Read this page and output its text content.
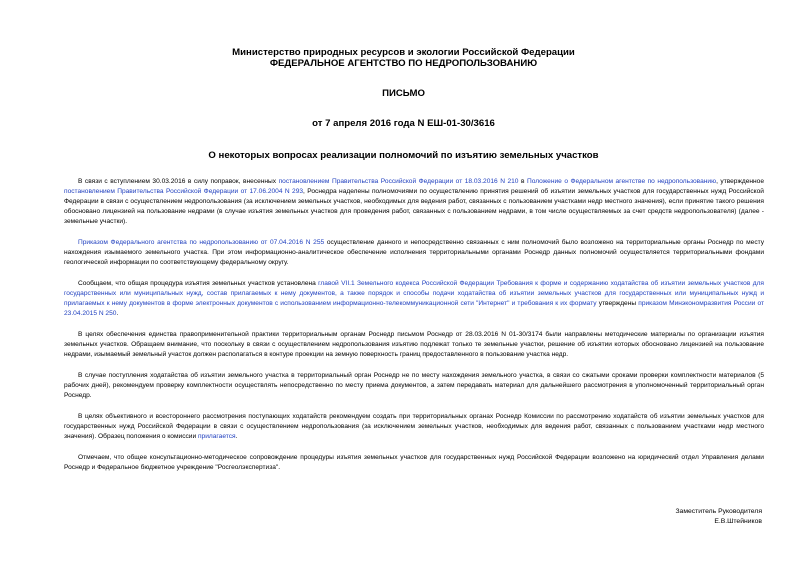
Министерство природных ресурсов и экологии Российской Федерации
ФЕДЕРАЛЬНОЕ АГЕНТСТВО ПО НЕДРОПОЛЬЗОВАНИЮ
ПИСЬМО
от 7 апреля 2016 года N ЕШ-01-30/3616
О некоторых вопросах реализации полномочий по изъятию земельных участков

В связи с вступлением 30.03.2016 в силу поправок, внесенных постановлением Правительства Российской Федерации от 18.03.2016 N 210 в Положение о Федеральном агентстве по недропользованию, утвержденное постановлением Правительства Российской Федерации от 17.06.2004 N 293, Роснедра наделены полномочиями по осуществлению принятия решений об изъятии земельных участков для государственных нужд Российской Федерации в связи с осуществлением недропользования (за исключением земельных участков, необходимых для ведения работ, связанных с пользованием участками недр местного значения), если принятие такого решения обосновано лицензией на пользование недрами (в случае изъятия земельных участков для проведения работ, связанных с пользованием недрами, в том числе осуществляемых за счет средств недропользователя) (далее - земельные участки).

Приказом Федерального агентства по недропользованию от 07.04.2016 N 255 осуществление данного и непосредственно связанных с ним полномочий было возложено на территориальные органы Роснедр по месту нахождения изымаемого земельного участка. При этом информационно-аналитическое обеспечение исполнения территориальными органами Роснедр данных полномочий осуществляется территориальными фондами геологической информации по соответствующему федеральному округу.

Сообщаем, что общая процедура изъятия земельных участков установлена главой VII.1 Земельного кодекса Российской Федерации Требования к форме и содержанию ходатайства об изъятии земельных участков для государственных или муниципальных нужд, состав прилагаемых к нему документов, а также порядок и способы подачи ходатайства об изъятии земельных участков для государственных или муниципальных нужд и прилагаемых к нему документов в форме электронных документов с использованием информационно-телекоммуникационной сети "Интернет" и требования к их формату утверждены приказом Минэкономразвития России от 23.04.2015 N 250.

В целях обеспечения единства правоприменительной практики территориальным органам Роснедр письмом Роснедр от 28.03.2016 N 01-30/3174 были направлены методические материалы по организации изъятия земельных участков. Обращаем внимание, что поскольку в связи с осуществлением недропользования изъятию подлежат только те земельные участки, решение об изъятии которых обосновано лицензией на пользование недрами, изымаемый земельный участок должен располагаться в контуре проекции на земную поверхность границ предоставленного в пользование участка недр.

В случае поступления ходатайства об изъятии земельного участка в территориальный орган Роснедр не по месту нахождения земельного участка, в связи со сжатыми сроками проверки комплектности материалов (5 рабочих дней), рекомендуем проверку комплектности осуществлять непосредственно по месту приема документов, а затем передавать материал для дальнейшего рассмотрения в уполномоченный территориальный орган Роснедр.

В целях объективного и всестороннего рассмотрения поступающих ходатайств рекомендуем создать при территориальных органах Роснедр Комиссии по рассмотрению ходатайств об изъятии земельных участков для государственных нужд Российской Федерации в связи с осуществлением недропользования (за исключением земельных участков, необходимых для ведения работ, связанных с пользованием участками недр местного значения). Образец положения о комиссии прилагается.

Отмечаем, что общее консультационно-методическое сопровождение процедуры изъятия земельных участков для государственных нужд Российской Федерации возложено на юридический отдел Управления делами Роснедр и Федеральное бюджетное учреждение "Росгеолэкспертиза".

Заместитель Руководителя
Е.В.Штейников
